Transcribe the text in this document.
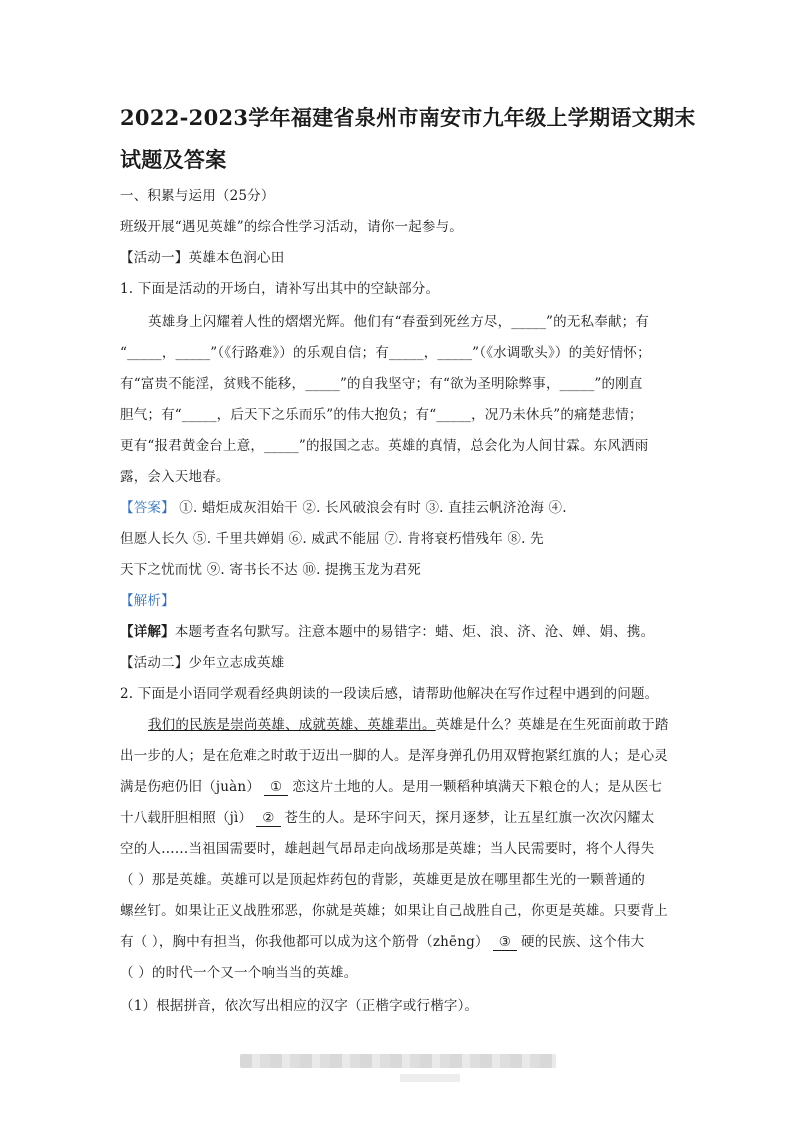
2022-2023学年福建省泉州市南安市九年级上学期语文期末
试题及答案
一、积累与运用（25分）
班级开展“遇见英雄”的综合性学习活动，请你一起参与。
【活动一】英雄本色润心田
1. 下面是活动的开场白，请补写出其中的空缺部分。
英雄身上闪耀着人性的熠熠光辉。他们有“春蚕到死丝方尽，_____”的无私奉献；有
“_____，_____”（《行路难》）的乐观自信；有_____，_____”（《水调歌头》）的美好情怀；
有“富贵不能淫，贫贱不能移，_____”的自我坚守；有“欲为圣明除弊事，_____”的刚直
胆气；有“_____，后天下之乐而乐”的伟大抱负；有“_____，况乃未休兵”的痛楚悲情；
更有“报君黄金台上意，_____”的报国之志。英雄的真情，总会化为人间甘霖。东风洒雨
露，会入天地春。
【答案】 ①. 蜡炬成灰泪始干 ②. 长风破浪会有时 ③. 直挂云帆济沧海 ④.
但愿人长久 ⑤. 千里共婵娟 ⑥. 威武不能屈 ⑦. 肯将衰朽惜残年 ⑧. 先
天下之忧而忧 ⑨. 寄书长不达 ⑩. 提携玉龙为君死
【解析】
【详解】本题考查名句默写。注意本题中的易错字：蜡、炬、浪、济、沧、婵、娟、携。
【活动二】少年立志成英雄
2. 下面是小语同学观看经典朗读的一段读后感，请帮助他解决在写作过程中遇到的问题。
我们的民族是崇尚英雄、成就英雄、英雄辈出。英雄是什么？英雄是在生死面前敢于踏
出一步的人；是在危难之时敢于迈出一脚的人。是浑身弹孔仍用双臂抱紧红旗的人；是心灵
满是伤疤仍旧（juàn） ① 恋这片土地的人。是用一颗稻种填满天下粮仓的人；是从医七
十八载肝胆相照（jì） ② 苍生的人。是环宇问天，探月逐梦，让五星红旗一次次闪耀太
空的人……当祖国需要时，雄赳赳气昂昂走向战场那是英雄；当人民需要时，将个人得失
（ ）那是英雄。英雄可以是顶起炸药包的背影，英雄更是放在哪里都生光的一颗普通的
螺丝钉。如果让正义战胜邪恶，你就是英雄；如果让自己战胜自己，你更是英雄。只要背上
有（ ），胸中有担当，你我他都可以成为这个筋骨（zhēng） ③ 硬的民族、这个伟大
（ ）的时代一个又一个响当当的英雄。
（1）根据拼音，依次写出相应的汉字（正楷字或行楷字）。
